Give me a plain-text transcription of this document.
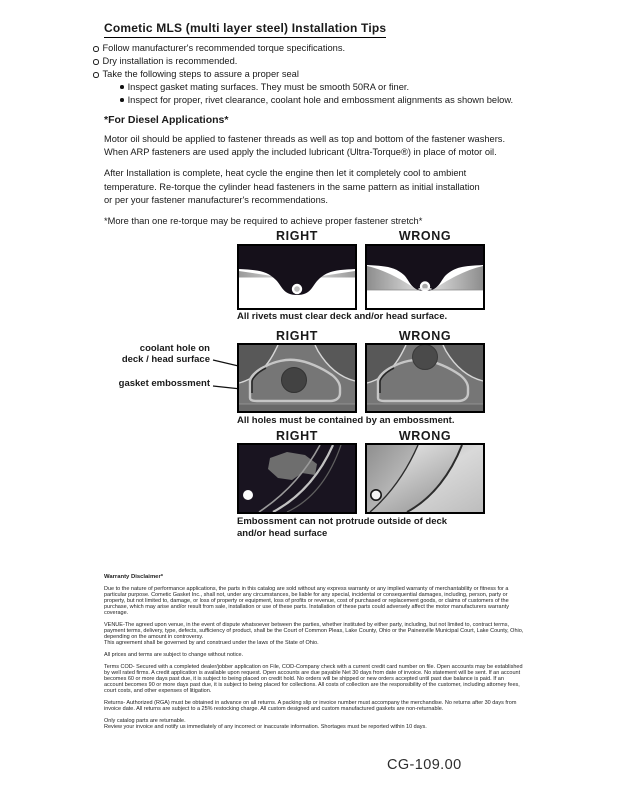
Cometic MLS (multi layer steel) Installation Tips
Follow manufacturer's recommended torque specifications.
Dry installation is recommended.
Take the following steps to assure a proper seal
Inspect gasket mating surfaces. They must be smooth 50RA or finer.
Inspect for proper, rivet clearance, coolant hole and embossment alignments as shown below.
*For Diesel Applications*
Motor oil should be applied to fastener threads as well as top and bottom of the fastener washers.
When ARP fasteners are used apply the included lubricant (Ultra-Torque®) in place of motor oil.
After Installation is complete, heat cycle the engine then let it completely cool to ambient
temperature. Re-torque the cylinder head fasteners in the same pattern as initial installation
or per your fastener manufacturer's recommendations.
*More than one re-torque may be required to achieve proper fastener stretch*
RIGHT	WRONG
All rivets must clear deck and/or head surface.
RIGHT	WRONG
coolant hole on
deck / head surface
gasket embossment
All holes must be contained by an embossment.
RIGHT	WRONG
Embossment can not protrude outside of deck
and/or head surface
Warranty Disclaimer*

Due to the nature of performance applications, the parts in this catalog are sold without any express warranty or any implied warranty of merchantability or fitness for a particular purpose. Cometic Gasket Inc., shall not, under any circumstances, be liable for any special, incidental or consequential damages, including, person, party or property, but not limited to, damage, or loss of property or equipment, loss of profits or revenue, cost of purchased or replacement goods, or claims of customers of the purchase, which may arise and/or result from sale, installation or use of these parts. Installation of these parts could adversely affect the motor manufacturers warranty coverage.

VENUE-The agreed upon venue, in the event of dispute whatsoever between the parties, whether instituted by either party, including, but not limited to, contract terms, payment terms, delivery, type, defects, sufficiency of product, shall be the Court of Common Pleas, Lake County, Ohio or the Painesville Municipal Court, Lake County, Ohio, depending on the amount in controversy.
This agreement shall be governed by and construed under the laws of the State of Ohio.

All prices and terms are subject to change without notice.

Terms COD- Secured with a completed dealer/jobber application on File, COD-Company check with a current credit card number on file. Open accounts may be established by well rated firms. A credit application is available upon request. Open accounts are due payable Net 30 days from date of invoice. No statement will be sent. If an account becomes 60 or more days past due, it is subject to being placed on credit hold. No orders will be shipped or new orders accepted until past due balance is paid. If an account becomes 90 or more days past due, it is subject to being placed for collections. All costs of collection are the responsibility of the customer, including attorney fees, court costs, and other expenses of litigation.

Returns- Authorized (RGA) must be obtained in advance on all returns. A packing slip or invoice number must accompany the merchandise. No returns after 30 days from invoice date. All returns are subject to a 25% restocking charge. All custom designed and custom manufactured gaskets are non-returnable.

Only catalog parts are returnable.
Review your invoice and notify us immediately of any incorrect or inaccurate information. Shortages must be reported within 10 days.
CG-109.00
